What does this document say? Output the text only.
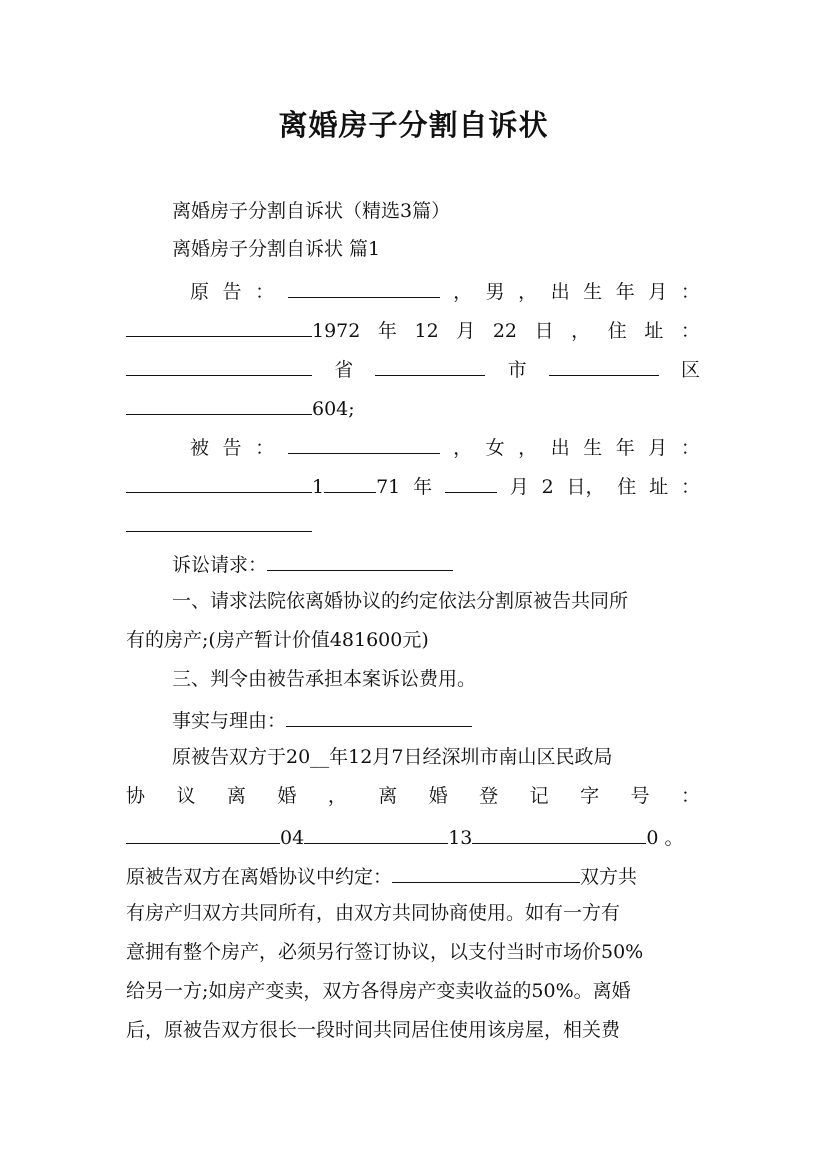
离婚房子分割自诉状
离婚房子分割自诉状（精选3篇）
离婚房子分割自诉状 篇1
原 告 ：	， 男 ， 出 生 年 月 ：
1972 年 12 月 22 日 ， 住 址 ：
省	市	区
604;
被 告 ：	， 女 ， 出 生 年 月 ：
1	71 年	月 2 日， 住 址 ：
诉讼请求：
一、请求法院依离婚协议的约定依法分割原被告共同所
有的房产;(房产暂计价值481600元)
三、判令由被告承担本案诉讼费用。
事实与理由：
原被告双方于20__年12月7日经深圳市南山区民政局
协 议 离 婚 ， 离 婚 登 记 字 号 ：
04	13	0 。
原被告双方在离婚协议中约定：	双方共
有房产归双方共同所有，由双方共同协商使用。如有一方有
意拥有整个房产，必须另行签订协议，以支付当时市场价50%
给另一方;如房产变卖，双方各得房产变卖收益的50%。离婚
后，原被告双方很长一段时间共同居住使用该房屋，相关费
